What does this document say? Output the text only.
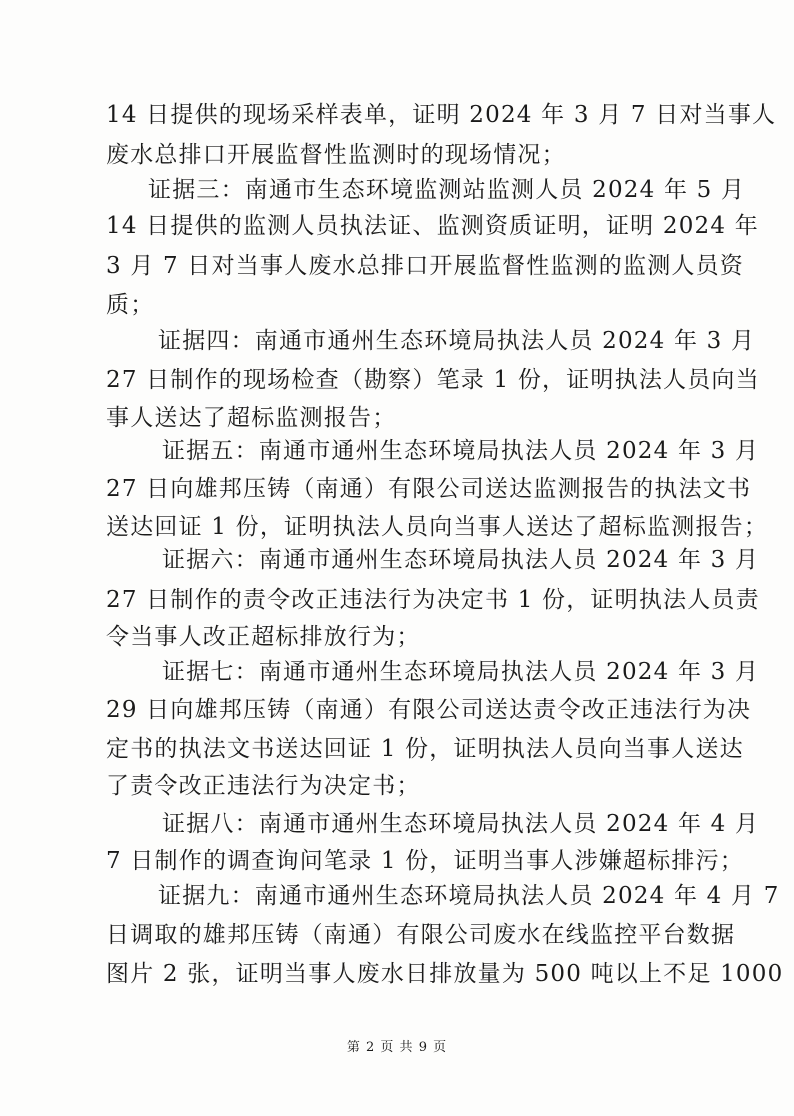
14 日提供的现场采样表单，证明 2024 年 3 月 7 日对当事人
废水总排口开展监督性监测时的现场情况；
证据三：南通市生态环境监测站监测人员 2024 年 5 月
14 日提供的监测人员执法证、监测资质证明，证明 2024 年
3 月 7 日对当事人废水总排口开展监督性监测的监测人员资
质；
证据四：南通市通州生态环境局执法人员 2024 年 3 月
27 日制作的现场检查（勘察）笔录 1 份，证明执法人员向当
事人送达了超标监测报告；
证据五：南通市通州生态环境局执法人员 2024 年 3 月
27 日向雄邦压铸（南通）有限公司送达监测报告的执法文书
送达回证 1 份，证明执法人员向当事人送达了超标监测报告；
证据六：南通市通州生态环境局执法人员 2024 年 3 月
27 日制作的责令改正违法行为决定书 1 份，证明执法人员责
令当事人改正超标排放行为；
证据七：南通市通州生态环境局执法人员 2024 年 3 月
29 日向雄邦压铸（南通）有限公司送达责令改正违法行为决
定书的执法文书送达回证 1 份，证明执法人员向当事人送达
了责令改正违法行为决定书；
证据八：南通市通州生态环境局执法人员 2024 年 4 月
7 日制作的调查询问笔录 1 份，证明当事人涉嫌超标排污；
证据九：南通市通州生态环境局执法人员 2024 年 4 月 7
日调取的雄邦压铸（南通）有限公司废水在线监控平台数据
图片 2 张，证明当事人废水日排放量为 500 吨以上不足 1000
第 2 页 共 9 页
